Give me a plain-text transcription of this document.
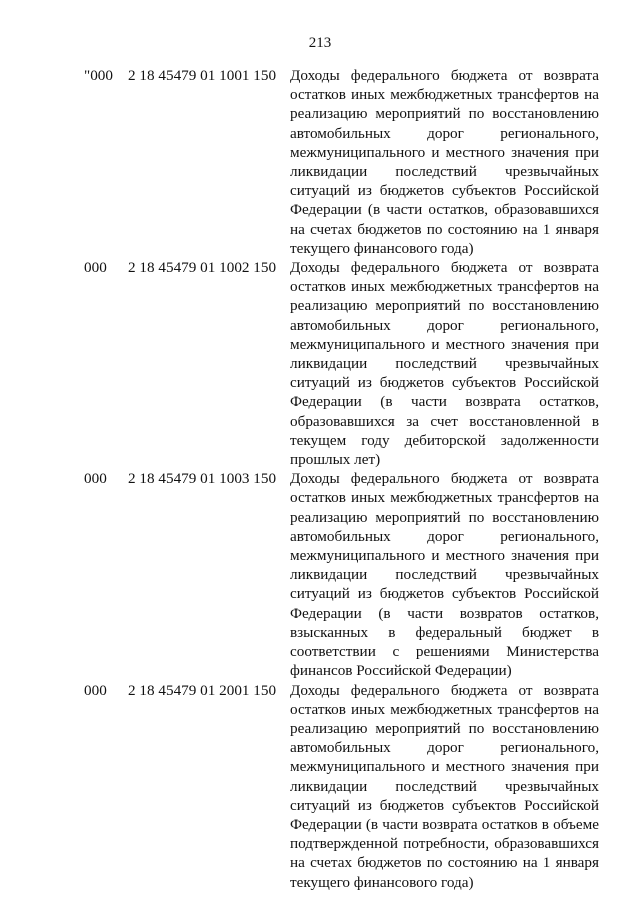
213
"000 2 18 45479 01 1001 150 Доходы федерального бюджета от возврата остатков иных межбюджетных трансфертов на реализацию мероприятий по восстановлению автомобильных дорог регионального, межмуниципального и местного значения при ликвидации последствий чрезвычайных ситуаций из бюджетов субъектов Российской Федерации (в части остатков, образовавшихся на счетах бюджетов по состоянию на 1 января текущего финансового года)
000	2 18 45479 01 1002 150 Доходы федерального бюджета от возврата остатков иных межбюджетных трансфертов на реализацию мероприятий по восстановлению автомобильных дорог регионального, межмуниципального и местного значения при ликвидации последствий чрезвычайных ситуаций из бюджетов субъектов Российской Федерации (в части возврата остатков, образовавшихся за счет восстановленной в текущем году дебиторской задолженности прошлых лет)
000	2 18 45479 01 1003 150 Доходы федерального бюджета от возврата остатков иных межбюджетных трансфертов на реализацию мероприятий по восстановлению автомобильных дорог регионального, межмуниципального и местного значения при ликвидации последствий чрезвычайных ситуаций из бюджетов субъектов Российской Федерации (в части возвратов остатков, взысканных в федеральный бюджет в соответствии с решениями Министерства финансов Российской Федерации)
000	2 18 45479 01 2001 150 Доходы федерального бюджета от возврата остатков иных межбюджетных трансфертов на реализацию мероприятий по восстановлению автомобильных дорог регионального, межмуниципального и местного значения при ликвидации последствий чрезвычайных ситуаций из бюджетов субъектов Российской Федерации (в части возврата остатков в объеме подтвержденной потребности, образовавшихся на счетах бюджетов по состоянию на 1 января текущего финансового года)
